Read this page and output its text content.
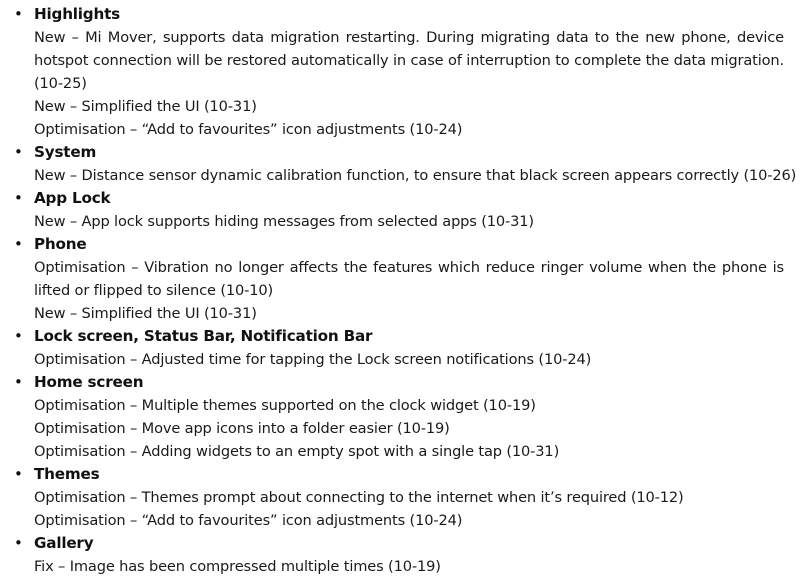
• Highlights
New – Mi Mover, supports data migration restarting. During migrating data to the new phone, device hotspot connection will be restored automatically in case of interruption to complete the data migration. (10-25)
New – Simplified the UI (10-31)
Optimisation – “Add to favourites” icon adjustments (10-24)
• System
New – Distance sensor dynamic calibration function, to ensure that black screen appears correctly (10-26)
• App Lock
New – App lock supports hiding messages from selected apps (10-31)
• Phone
Optimisation – Vibration no longer affects the features which reduce ringer volume when the phone is lifted or flipped to silence (10-10)
New – Simplified the UI (10-31)
• Lock screen, Status Bar, Notification Bar
Optimisation – Adjusted time for tapping the Lock screen notifications (10-24)
• Home screen
Optimisation – Multiple themes supported on the clock widget (10-19)
Optimisation – Move app icons into a folder easier (10-19)
Optimisation – Adding widgets to an empty spot with a single tap (10-31)
• Themes
Optimisation – Themes prompt about connecting to the internet when it’s required (10-12)
Optimisation – “Add to favourites” icon adjustments (10-24)
• Gallery
Fix – Image has been compressed multiple times (10-19)
